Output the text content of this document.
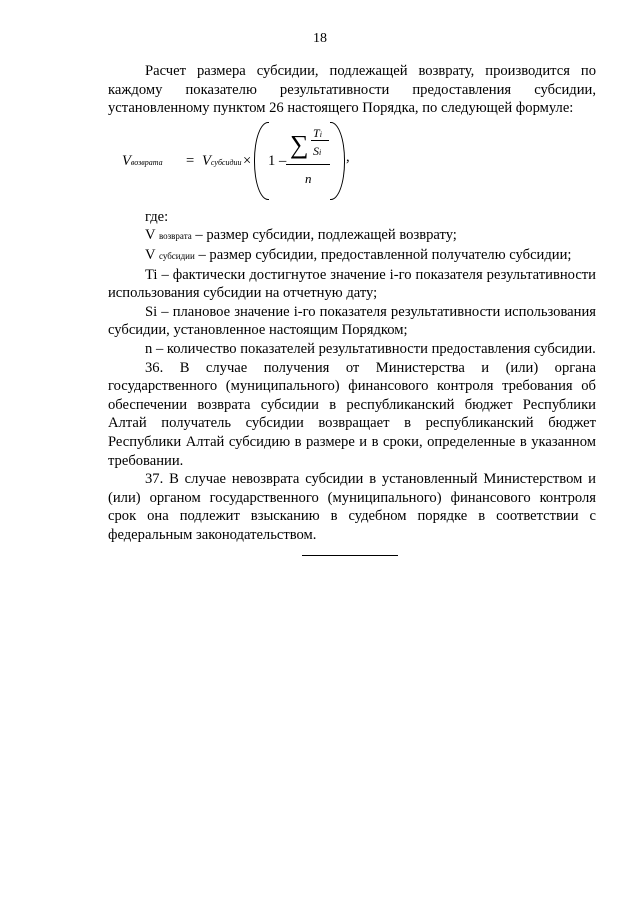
18

Расчет размера субсидии, подлежащей возврату, производится по каждому показателю результативности предоставления субсидии, установленному пунктом 26 настоящего Порядка, по следующей формуле:

Vвозврата = Vсубсидии × 1 –
∑ Ti
Si
n
,

где:

V возврата – размер субсидии, подлежащей возврату;

V субсидии – размер субсидии, предоставленной получателю субсидии;

Ti – фактически достигнутое значение i-го показателя результативности использования субсидии на отчетную дату;

Si – плановое значение i-го показателя результативности использования субсидии, установленное настоящим Порядком;

n – количество показателей результативности предоставления субсидии.

36. В случае получения от Министерства и (или) органа государственного (муниципального) финансового контроля требования об обеспечении возврата субсидии в республиканский бюджет Республики Алтай получатель субсидии возвращает в республиканский бюджет Республики Алтай субсидию в размере и в сроки, определенные в указанном требовании.

37. В случае невозврата субсидии в установленный Министерством и (или) органом государственного (муниципального) финансового контроля срок она подлежит взысканию в судебном порядке в соответствии с федеральным законодательством.
